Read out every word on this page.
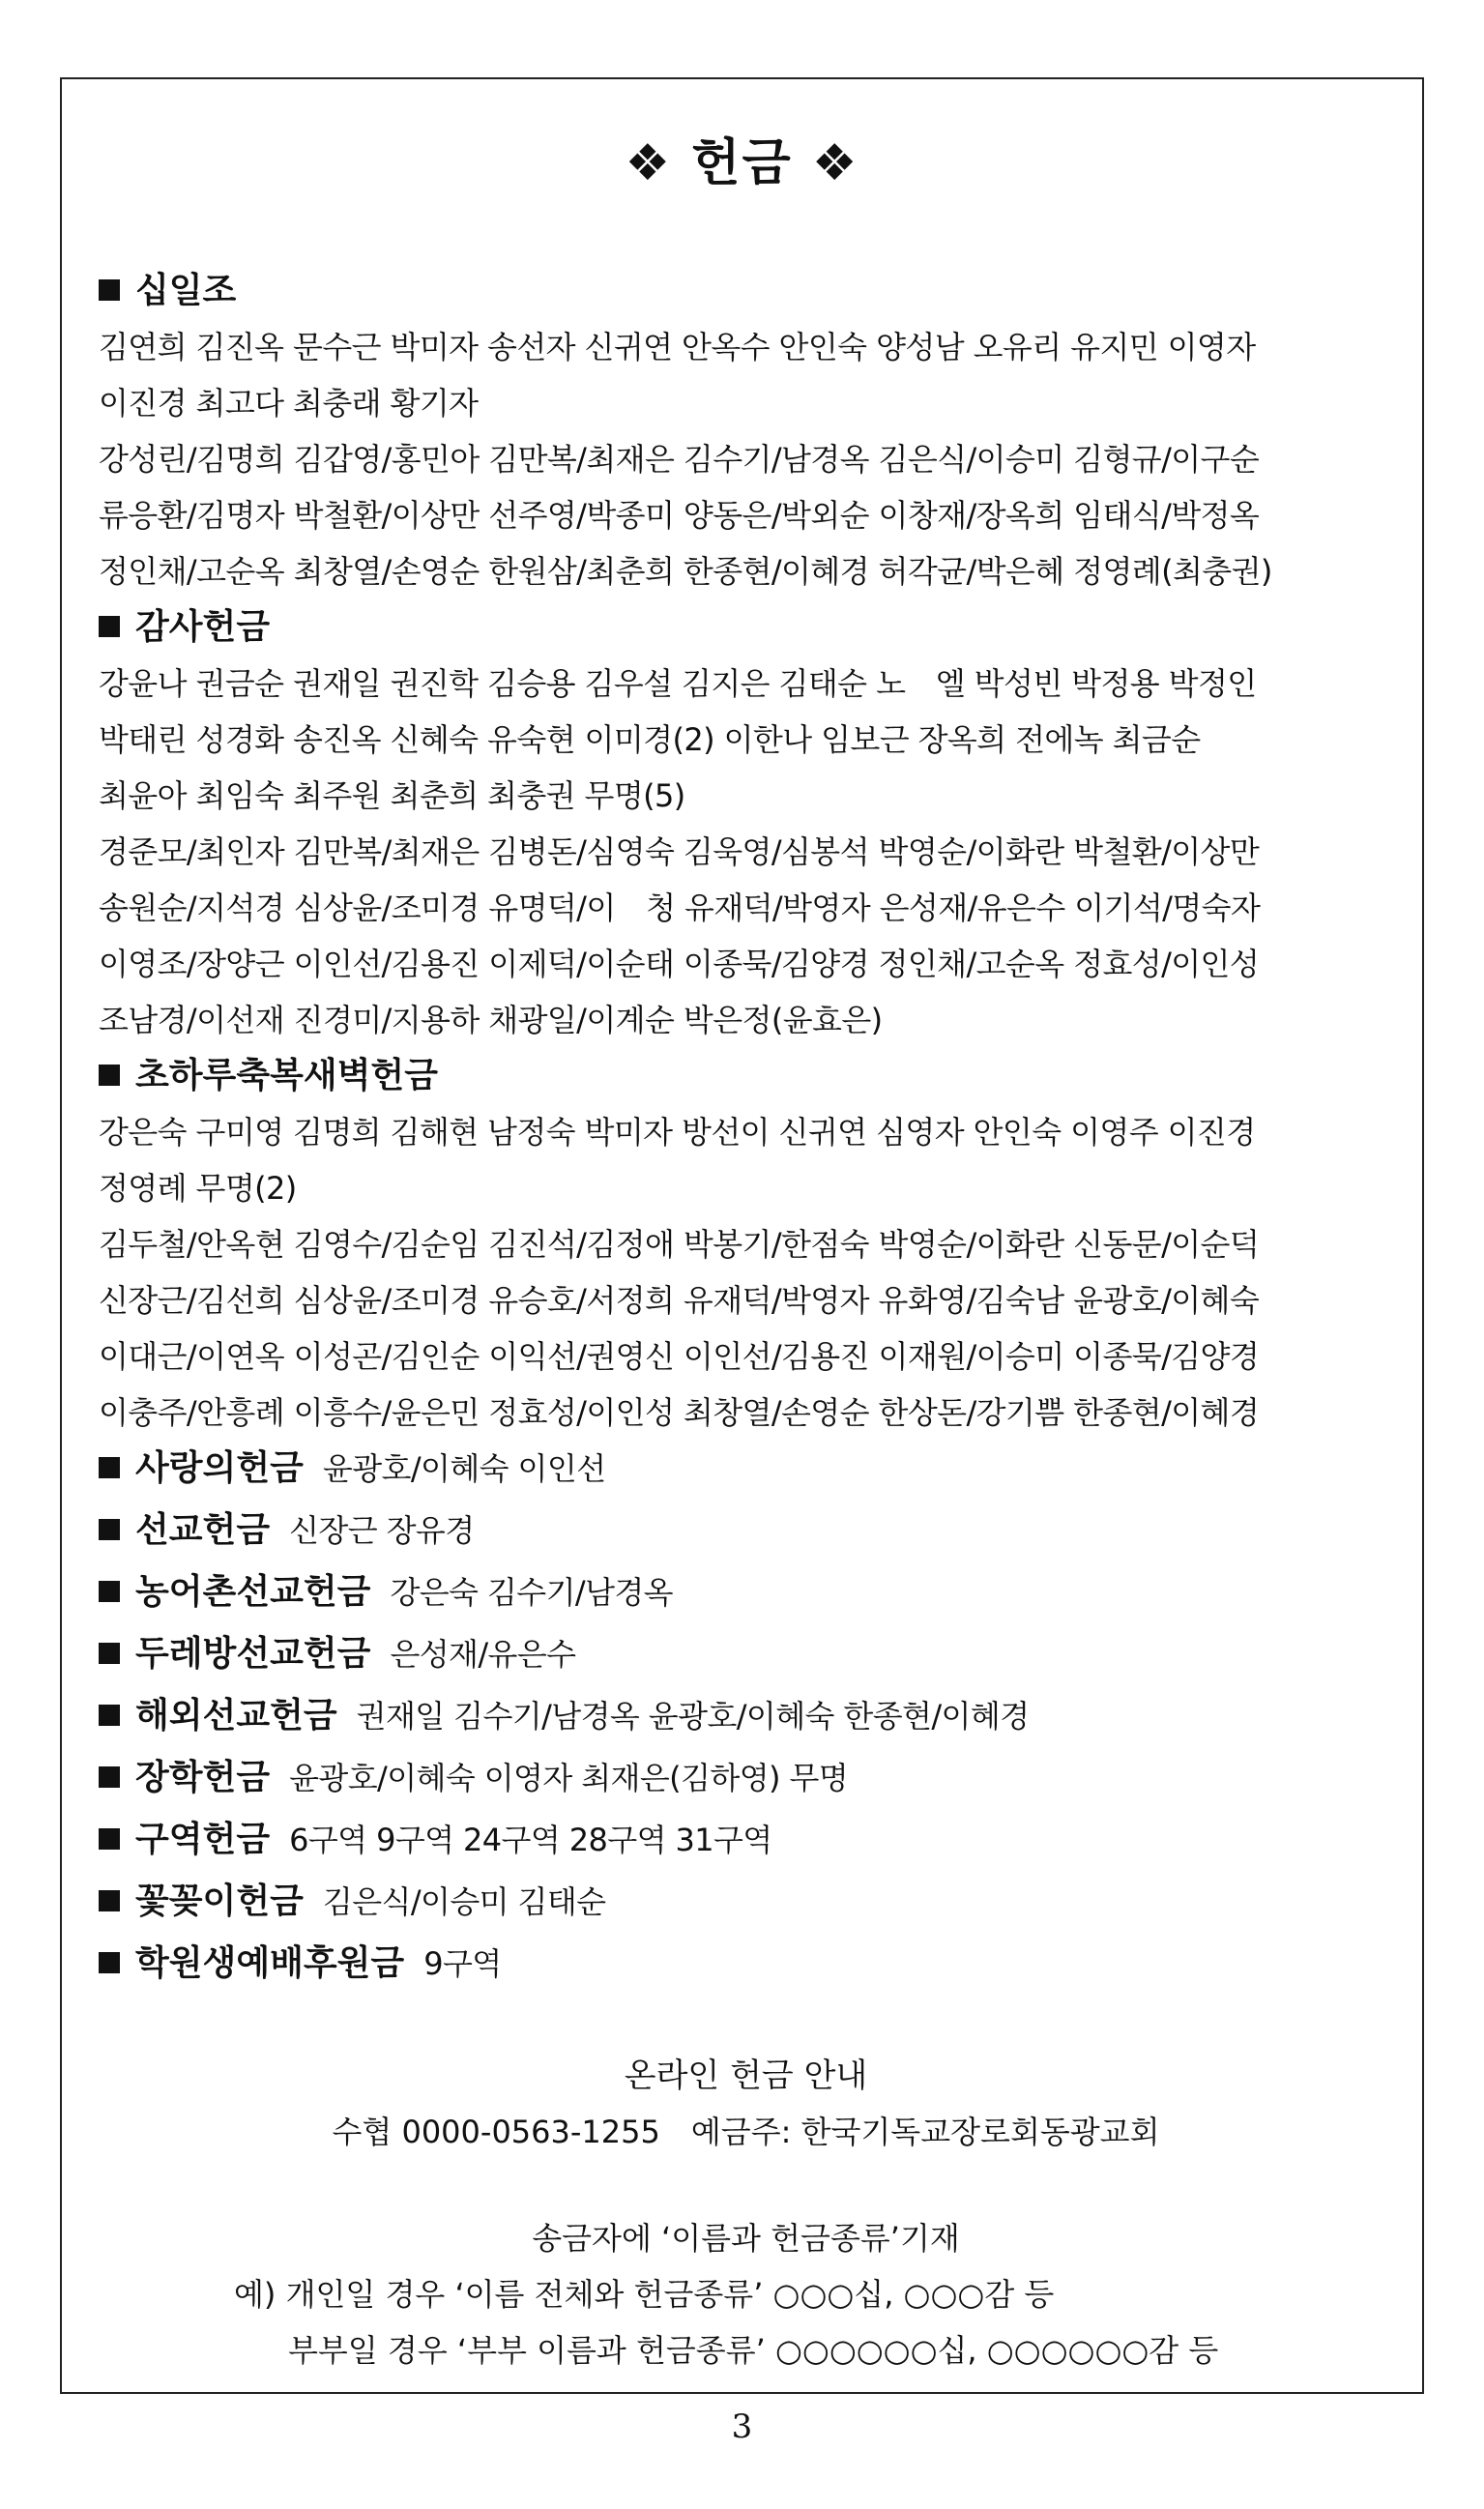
❖ 헌금 ❖
십일조
김연희 김진옥 문수근 박미자 송선자 신귀연 안옥수 안인숙 양성남 오유리 유지민 이영자
이진경 최고다 최충래 황기자
강성린/김명희 김갑영/홍민아 김만복/최재은 김수기/남경옥 김은식/이승미 김형규/이구순
류응환/김명자 박철환/이상만 선주영/박종미 양동은/박외순 이창재/장옥희 임태식/박정옥
정인채/고순옥 최창열/손영순 한원삼/최춘희 한종현/이혜경 허각균/박은혜 정영례(최충권)
감사헌금
강윤나 권금순 권재일 권진학 김승용 김우설 김지은 김태순 노　엘 박성빈 박정용 박정인
박태린 성경화 송진옥 신혜숙 유숙현 이미경(2) 이한나 임보근 장옥희 전에녹 최금순
최윤아 최임숙 최주원 최춘희 최충권 무명(5)
경준모/최인자 김만복/최재은 김병돈/심영숙 김욱영/심봉석 박영순/이화란 박철환/이상만
송원순/지석경 심상윤/조미경 유명덕/이　청 유재덕/박영자 은성재/유은수 이기석/명숙자
이영조/장양근 이인선/김용진 이제덕/이순태 이종묵/김양경 정인채/고순옥 정효성/이인성
조남경/이선재 진경미/지용하 채광일/이계순 박은정(윤효은)
초하루축복새벽헌금
강은숙 구미영 김명희 김해현 남정숙 박미자 방선이 신귀연 심영자 안인숙 이영주 이진경
정영례 무명(2)
김두철/안옥현 김영수/김순임 김진석/김정애 박봉기/한점숙 박영순/이화란 신동문/이순덕
신장근/김선희 심상윤/조미경 유승호/서정희 유재덕/박영자 유화영/김숙남 윤광호/이혜숙
이대근/이연옥 이성곤/김인순 이익선/권영신 이인선/김용진 이재원/이승미 이종묵/김양경
이충주/안흥례 이흥수/윤은민 정효성/이인성 최창열/손영순 한상돈/강기쁨 한종현/이혜경
사랑의헌금 윤광호/이혜숙 이인선
선교헌금 신장근 장유경
농어촌선교헌금 강은숙 김수기/남경옥
두레방선교헌금 은성재/유은수
해외선교헌금 권재일 김수기/남경옥 윤광호/이혜숙 한종현/이혜경
장학헌금 윤광호/이혜숙 이영자 최재은(김하영) 무명
구역헌금 6구역 9구역 24구역 28구역 31구역
꽃꽂이헌금 김은식/이승미 김태순
학원생예배후원금 9구역
온라인 헌금 안내
수협 0000-0563-1255　예금주: 한국기독교장로회동광교회
송금자에 ‘이름과 헌금종류’기재
예) 개인일 경우 ‘이름 전체와 헌금종류’ ○○○십, ○○○감 등
부부일 경우 ‘부부 이름과 헌금종류’ ○○○○○○십, ○○○○○○감 등
3
